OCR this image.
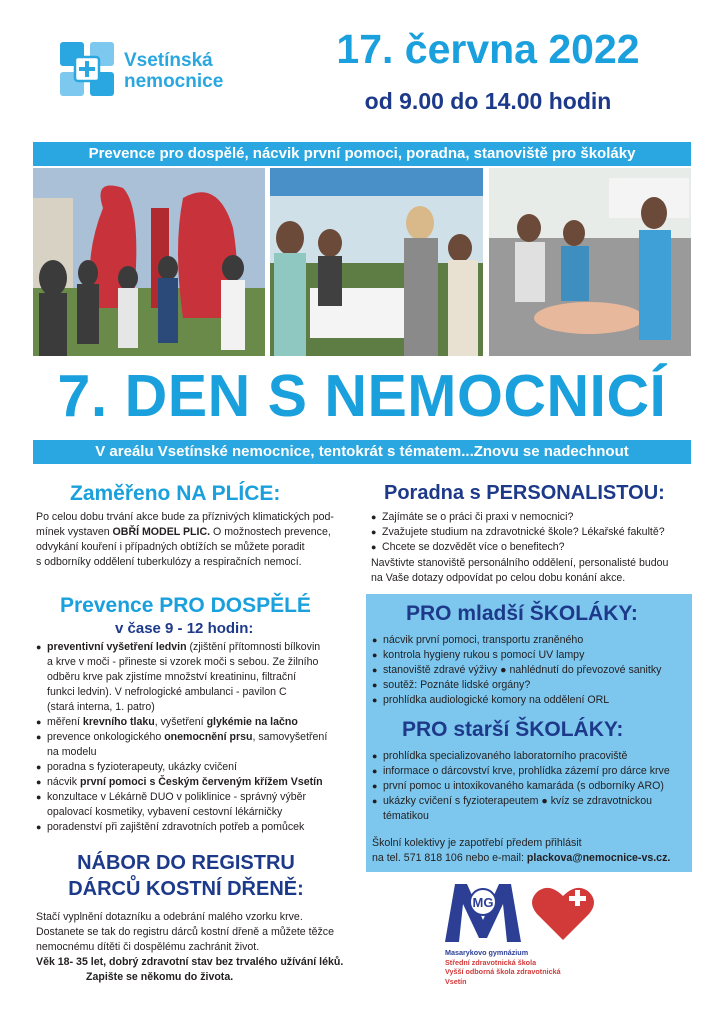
Vsetínská
nemocnice
17. června 2022
od 9.00 do 14.00 hodin
Prevence pro dospělé, nácvik první pomoci, poradna, stanoviště pro školáky
7. DEN S NEMOCNICÍ
V areálu Vsetínské nemocnice, tentokrát s tématem...Znovu se nadechnout
Zaměřeno NA PLÍCE:
Po celou dobu trvání akce bude za příznivých klimatických pod-
mínek vystaven OBŘÍ MODEL PLIC. O možnostech prevence,
odvykání kouření i případných obtížích se můžete poradit
s odborníky oddělení tuberkulózy a respiračních nemocí.
Poradna s PERSONALISTOU:
● Zajímáte se o práci či praxi v nemocnici?
● Zvažujete studium na zdravotnické škole? Lékařské fakultě?
● Chcete se dozvědět více o benefitech?
Navštivte stanoviště personálního oddělení, personalisté budou
na Vaše dotazy odpovídat po celou dobu konání akce.
Prevence PRO DOSPĚLÉ
v čase 9 - 12 hodin:
● preventivní vyšetření ledvin (zjištění přítomnosti bílkovin
a krve v moči - přineste si vzorek moči s sebou. Ze žilního
odběru krve pak zjistíme množství kreatininu, filtrační
funkci ledvin). V nefrologické ambulanci - pavilon C
(stará interna, 1. patro)
● měření krevního tlaku, vyšetření glykémie na lačno
● prevence onkologického onemocnění prsu, samovyšetření
na modelu
● poradna s fyzioterapeuty, ukázky cvičení
● nácvik první pomoci s Českým červeným křížem Vsetín
● konzultace v Lékárně DUO v poliklinice - správný výběr
opalovací kosmetiky, vybavení cestovní lékárničky
● poradenství při zajištění zdravotních potřeb a pomůcek
NÁBOR DO REGISTRU
DÁRCŮ KOSTNÍ DŘENĚ:
Stačí vyplnění dotazníku a odebrání malého vzorku krve.
Dostanete se tak do registru dárců kostní dřeně a můžete těžce
nemocnému dítěti či dospělému zachránit život.
Věk 18- 35 let, dobrý zdravotní stav bez trvalého užívání léků.
Zapište se někomu do života.
PRO mladší ŠKOLÁKY:
● nácvik první pomoci, transportu zraněného
● kontrola hygieny rukou s pomocí UV lampy
● stanoviště zdravé výživy ● nahlédnutí do převozové sanitky
● soutěž: Poznáte lidské orgány?
● prohlídka audiologické komory na oddělení ORL
PRO starší ŠKOLÁKY:
● prohlídka specializovaného laboratorního pracoviště
● informace o dárcovství krve, prohlídka zázemí pro dárce krve
● první pomoc u intoxikovaného kamaráda (s odborníky ARO)
● ukázky cvičení s fyzioterapeutem ● kvíz se zdravotnickou
tématikou
Školní kolektivy je zapotřebí předem přihlásit
na tel. 571 818 106 nebo e-mail: plackova@nemocnice-vs.cz.
MG
Masarykovo gymnázium
Střední zdravotnická škola
Vyšší odborná škola zdravotnická
Vsetín
